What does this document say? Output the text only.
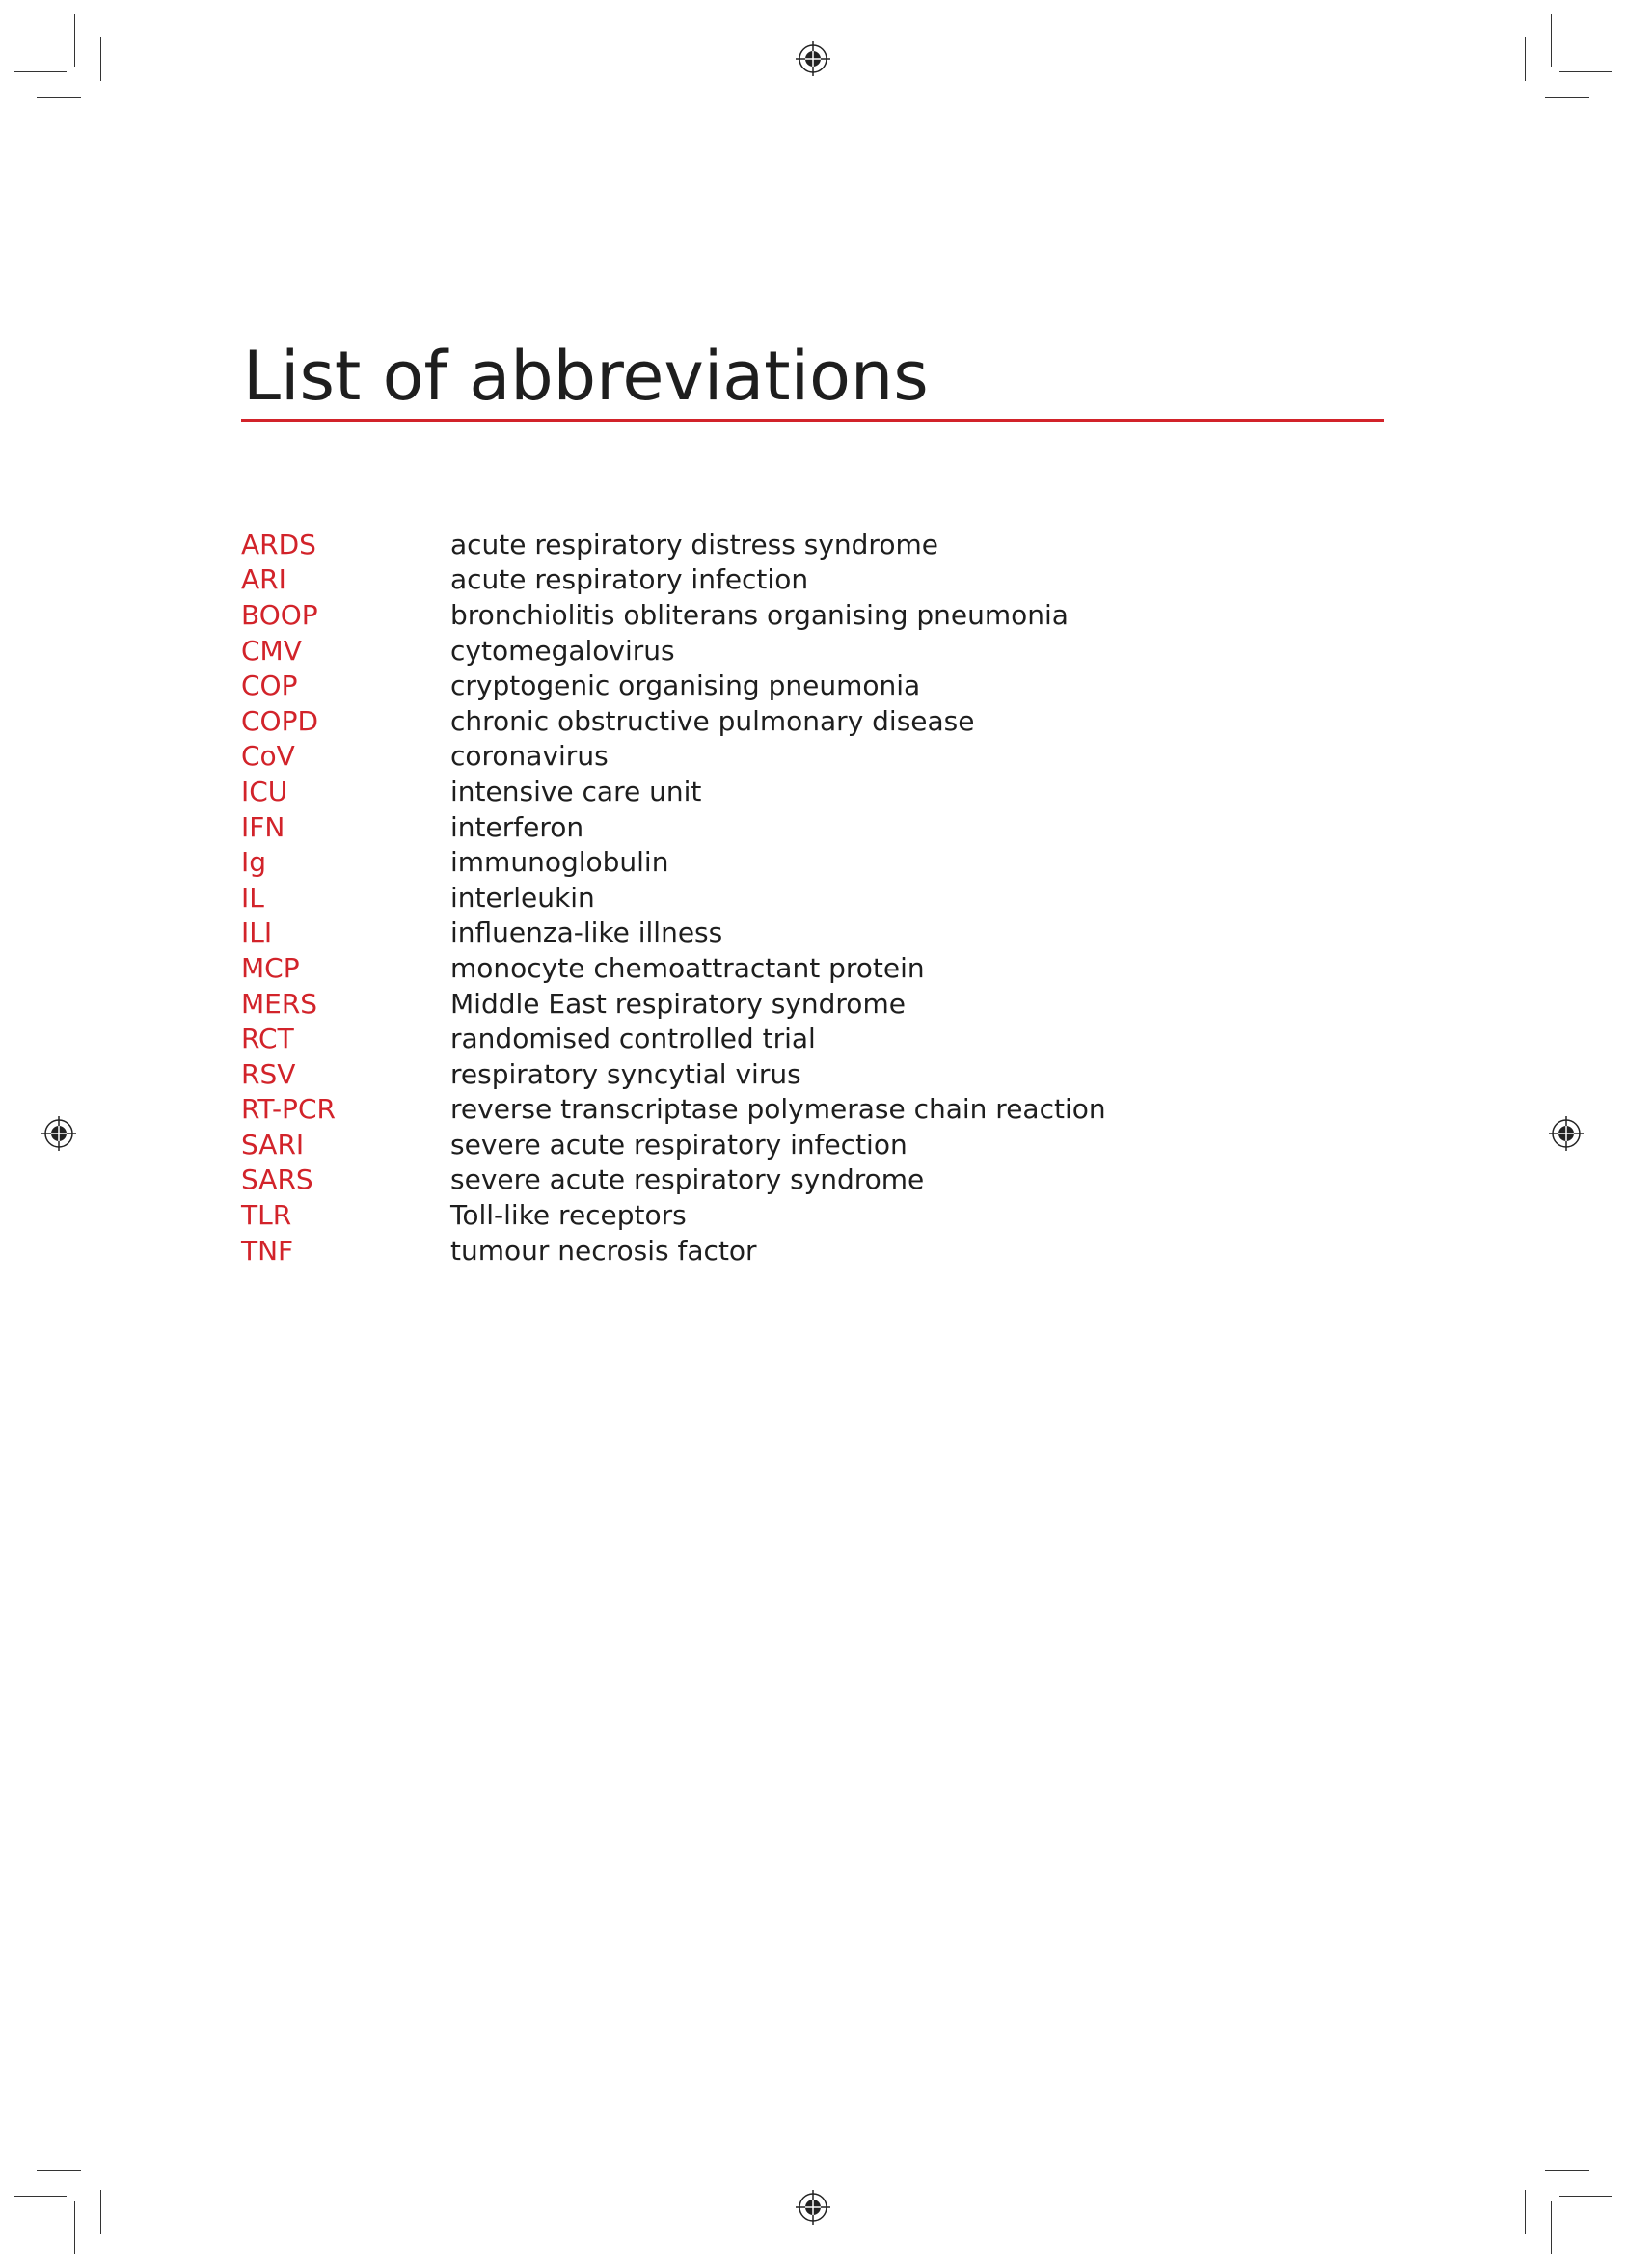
List of abbreviations
ARDS	acute respiratory distress syndrome
ARI	acute respiratory infection
BOOP	bronchiolitis obliterans organising pneumonia
CMV	cytomegalovirus
COP	cryptogenic organising pneumonia
COPD	chronic obstructive pulmonary disease
CoV	coronavirus
ICU	intensive care unit
IFN	interferon
Ig	immunoglobulin
IL	interleukin
ILI	influenza-like illness
MCP	monocyte chemoattractant protein
MERS	Middle East respiratory syndrome
RCT	randomised controlled trial
RSV	respiratory syncytial virus
RT-PCR	reverse transcriptase polymerase chain reaction
SARI	severe acute respiratory infection
SARS	severe acute respiratory syndrome
TLR	Toll-like receptors
TNF	tumour necrosis factor
